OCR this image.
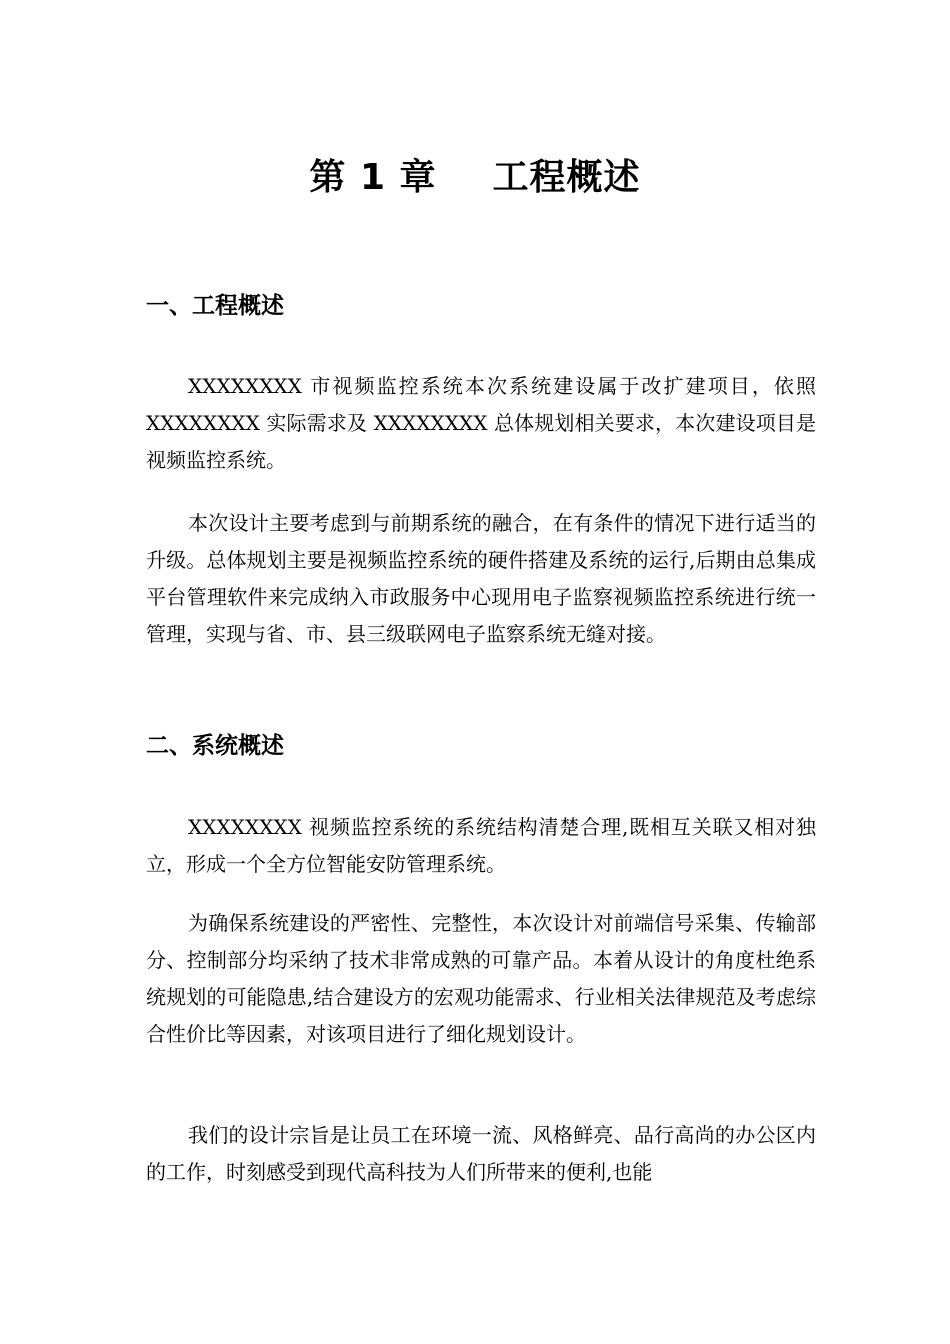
第 1 章 工程概述
一、工程概述

XXXXXXXX 市视频监控系统本次系统建设属于改扩建项目，依照 XXXXXXXX 实际需求及 XXXXXXXX 总体规划相关要求，本次建设项目是视频监控系统。

本次设计主要考虑到与前期系统的融合，在有条件的情况下进行适当的升级。总体规划主要是视频监控系统的硬件搭建及系统的运行,后期由总集成平台管理软件来完成纳入市政服务中心现用电子监察视频监控系统进行统一管理，实现与省、市、县三级联网电子监察系统无缝对接。

二、系统概述

XXXXXXXX 视频监控系统的系统结构清楚合理,既相互关联又相对独立，形成一个全方位智能安防管理系统。

为确保系统建设的严密性、完整性，本次设计对前端信号采集、传输部分、控制部分均采纳了技术非常成熟的可靠产品。本着从设计的角度杜绝系统规划的可能隐患,结合建设方的宏观功能需求、行业相关法律规范及考虑综合性价比等因素，对该项目进行了细化规划设计。

我们的设计宗旨是让员工在环境一流、风格鲜亮、品行高尚的办公区内的工作，时刻感受到现代高科技为人们所带来的便利,也能
